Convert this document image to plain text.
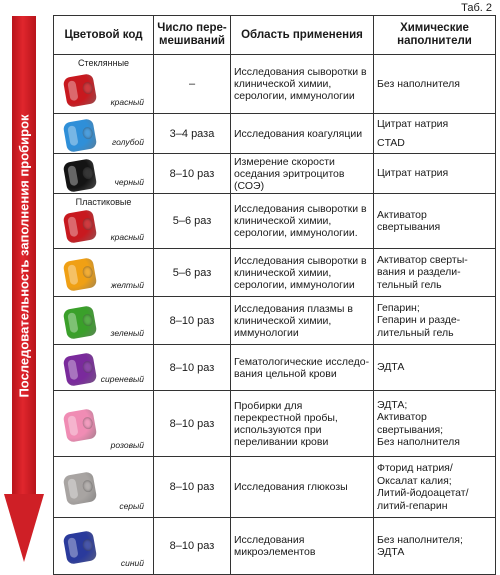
Таб. 2
Последовательность заполнения пробирок
Цветовой код	Число пере-мешиваний	Область применения	Химические наполнители

Стеклянные
красный	–	Исследования сыворотки в клинической химии, серологии, иммунологии	Без наполнителя

голубой	3–4 раза	Исследования коагуляции	Цитрат натрия
CTAD

черный	8–10 раз	Измерение скорости оседания эритроцитов (СОЭ)	Цитрат натрия

Пластиковые
красный	5–6 раз	Исследования сыворотки в клинической химии, серологии, иммунологии.	Активатор свертывания

желтый	5–6 раз	Исследования сыворотки в клинической химии, серологии, иммунологии	Активатор сверты-вания и раздели-тельный гель

зеленый	8–10 раз	Исследования плазмы в клинической химии, иммунологии	Гепарин;
Гепарин и разде-лительный гель

сиреневый	8–10 раз	Гематологические исследо-вания цельной крови	ЭДТА

розовый	8–10 раз	Пробирки для перекрестной пробы, используются при переливании крови	ЭДТА;
Активатор свертывания;
Без наполнителя

серый	8–10 раз	Исследования глюкозы	Фторид натрия/ Оксалат калия;
Литий-йодоацетат/ литий-гепарин

синий	8–10 раз	Исследования микроэлементов	Без наполнителя;
ЭДТА
